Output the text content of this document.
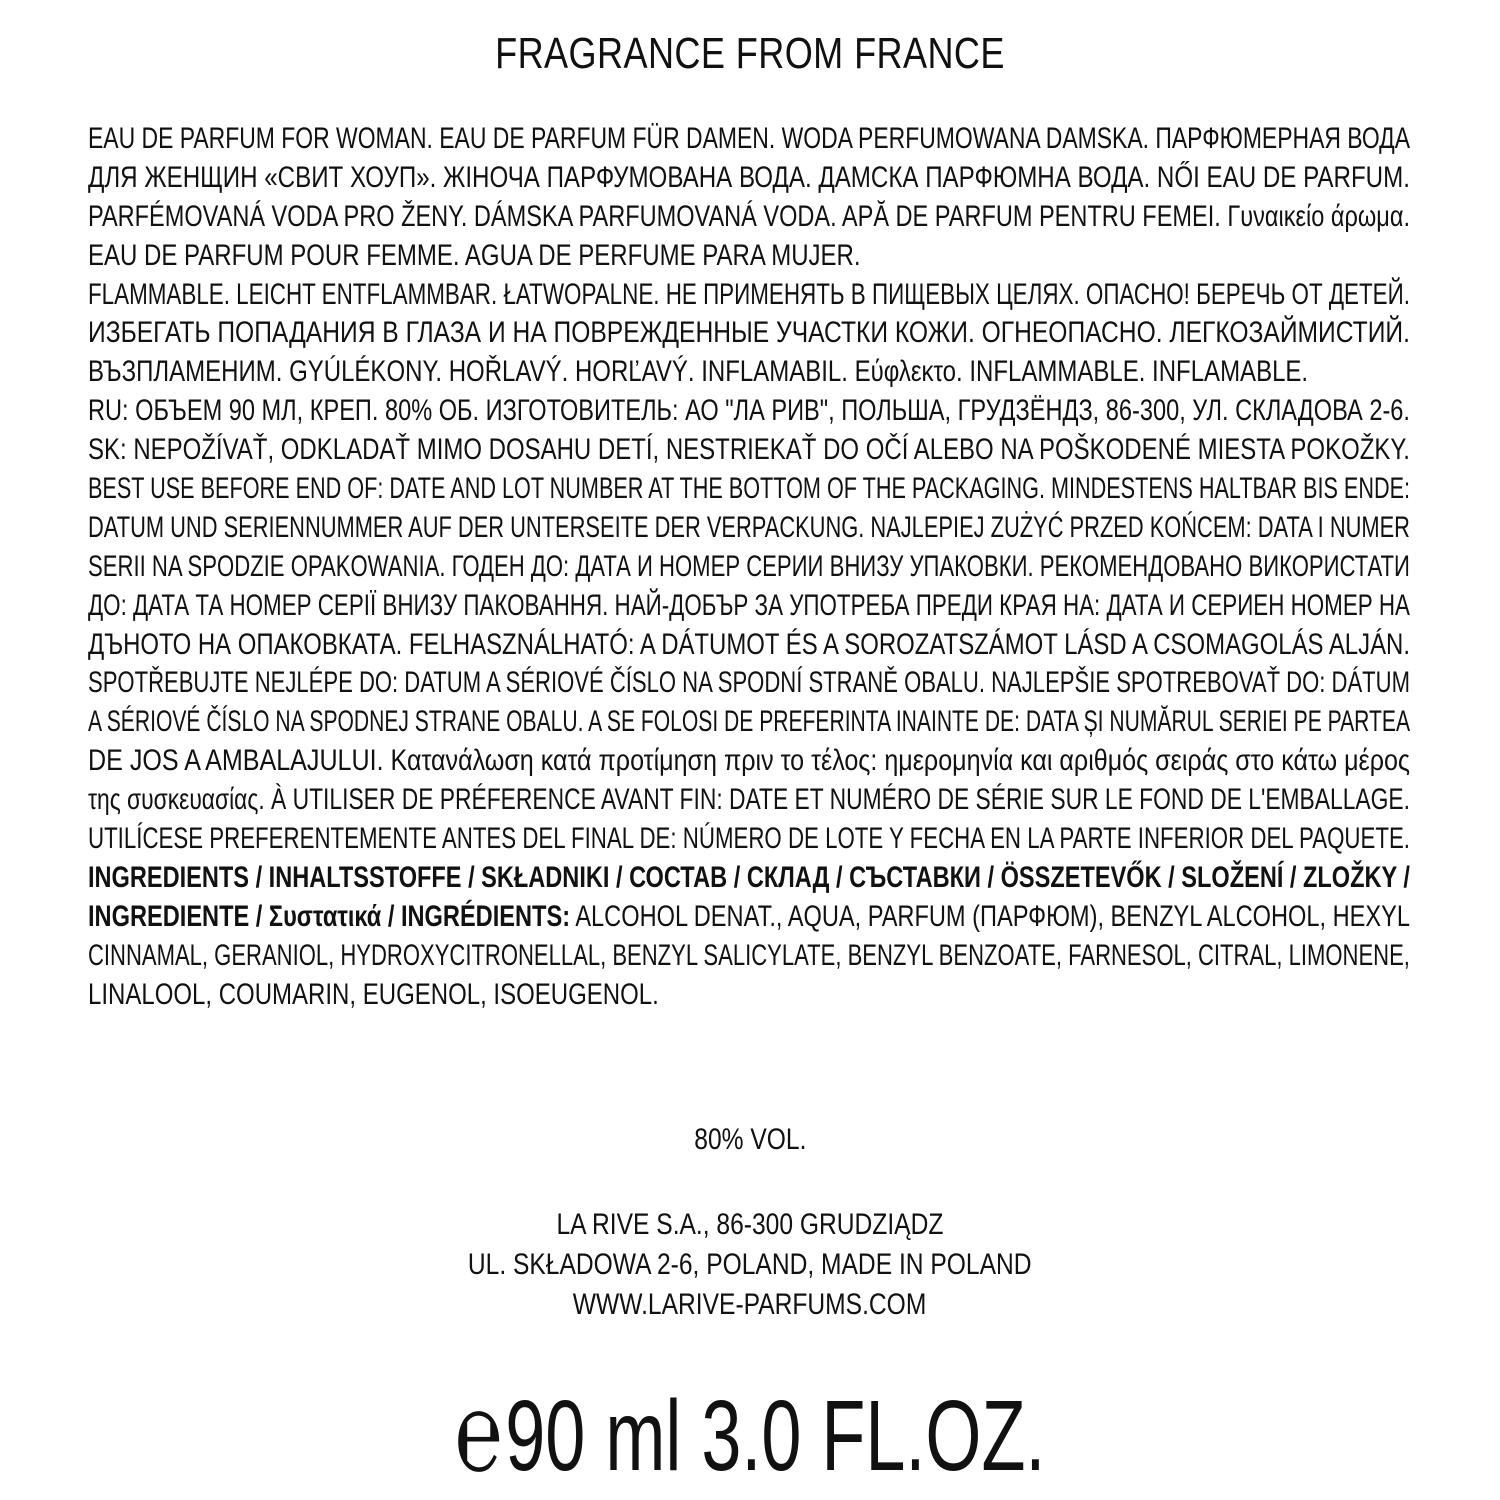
FRAGRANCE FROM FRANCE
EAU DE PARFUM FOR WOMAN. EAU DE PARFUM FÜR DAMEN. WODA PERFUMOWANA DAMSKA. ПАРФЮМЕРНАЯ ВОДА
ДЛЯ ЖЕНЩИН «СВИТ ХОУП». ЖІНОЧА ПАРФУМОВАНА ВОДА. ДАМСКА ПАРФЮМНА ВОДА. NŐI EAU DE PARFUM.
PARFÉMOVANÁ VODA PRO ŽENY. DÁMSKA PARFUMOVANÁ VODA. APĂ DE PARFUM PENTRU FEMEI. Γυναικείο άρωμα.
EAU DE PARFUM POUR FEMME. AGUA DE PERFUME PARA MUJER.
FLAMMABLE. LEICHT ENTFLAMMBAR. ŁATWOPALNE. НЕ ПРИМЕНЯТЬ В ПИЩЕВЫХ ЦЕЛЯХ. ОПАСНО! БЕРЕЧЬ ОТ ДЕТЕЙ.
ИЗБЕГАТЬ ПОПАДАНИЯ В ГЛАЗА И НА ПОВРЕЖДЕННЫЕ УЧАСТКИ КОЖИ. ОГНЕОПАСНО. ЛЕГКОЗАЙМИСТИЙ.
ВЪЗПЛАМЕНИМ. GYÚLÉKONY. HOŘLAVÝ. HORĽAVÝ. INFLAMABIL. Εύφλεκτο. INFLAMMABLE. INFLAMABLE.
RU: ОБЪЕМ 90 МЛ, КРЕП. 80% ОБ. ИЗГОТОВИТЕЛЬ: АО "ЛА РИВ", ПОЛЬША, ГРУДЗЁНДЗ, 86-300, УЛ. СКЛАДОВА 2-6.
SK: NEPOŽÍVAŤ, ODKLADAŤ MIMO DOSAHU DETÍ, NESTRIEKAŤ DO OČÍ ALEBO NA POŠKODENÉ MIESTA POKOŽKY.
BEST USE BEFORE END OF: DATE AND LOT NUMBER AT THE BOTTOM OF THE PACKAGING. MINDESTENS HALTBAR BIS ENDE:
DATUM UND SERIENNUMMER AUF DER UNTERSEITE DER VERPACKUNG. NAJLEPIEJ ZUŻYĆ PRZED KOŃCEM: DATA I NUMER
SERII NA SPODZIE OPAKOWANIA. ГОДЕН ДО: ДАТА И НОМЕР СЕРИИ ВНИЗУ УПАКОВКИ. РЕКОМЕНДОВАНО ВИКОРИСТАТИ
ДО: ДАТА ТА НОМЕР СЕРІЇ ВНИЗУ ПАКОВАННЯ. НАЙ-ДОБЪР ЗА УПОТРЕБА ПРЕДИ КРАЯ НА: ДАТА И СЕРИЕН НОМЕР НА
ДЪНОТО НА ОПАКОВКАТА. FELHASZNÁLHATÓ: A DÁTUMOT ÉS A SOROZATSZÁMOT LÁSD A CSOMAGOLÁS ALJÁN.
SPOTŘEBUJTE NEJLÉPE DO: DATUM A SÉRIOVÉ ČÍSLO NA SPODNÍ STRANĚ OBALU. NAJLEPŠIE SPOTREBOVAŤ DO: DÁTUM
A SÉRIOVÉ ČÍSLO NA SPODNEJ STRANE OBALU. A SE FOLOSI DE PREFERINTA INAINTE DE: DATA ȘI NUMĂRUL SERIEI PE PARTEA
DE JOS A AMBALAJULUI. Κατανάλωση κατά προτίμηση πριν το τέλος: ημερομηνία και αριθμός σειράς στο κάτω μέρος
της συσκευασίας. À UTILISER DE PRÉFERENCE AVANT FIN: DATE ET NUMÉRO DE SÉRIE SUR LE FOND DE L'EMBALLAGE.
UTILÍCESE PREFERENTEMENTE ANTES DEL FINAL DE: NÚMERO DE LOTE Y FECHA EN LA PARTE INFERIOR DEL PAQUETE.
INGREDIENTS / INHALTSSTOFFE / SKŁADNIKI / СОСТАВ / СКЛАД / СЪСТАВКИ / ÖSSZETEVŐK / SLOŽENÍ / ZLOŽKY /
INGREDIENTE / Συστατικά / INGRÉDIENTS: ALCOHOL DENAT., AQUA, PARFUM (ПАРФЮМ), BENZYL ALCOHOL, HEXYL
CINNAMAL, GERANIOL, HYDROXYCITRONELLAL, BENZYL SALICYLATE, BENZYL BENZOATE, FARNESOL, CITRAL, LIMONENE,
LINALOOL, COUMARIN, EUGENOL, ISOEUGENOL.
80% VOL.
LA RIVE S.A., 86-300 GRUDZIĄDZ
UL. SKŁADOWA 2-6, POLAND, MADE IN POLAND
WWW.LARIVE-PARFUMS.COM
℮90 ml 3.0 FL.OZ.
